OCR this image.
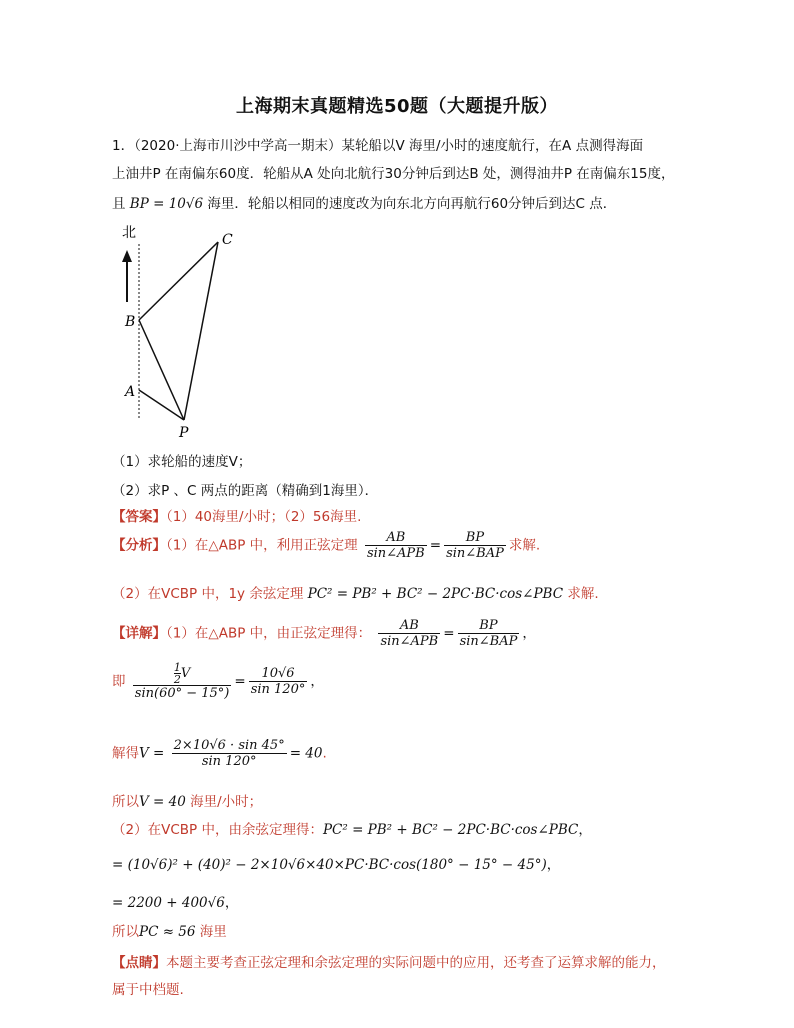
上海期末真题精选50题（大题提升版）
1．（2020·上海市川沙中学高一期末）某轮船以V 海里/小时的速度航行，在A 点测得海面
上油井P 在南偏东60度．轮船从A 处向北航行30分钟后到达B 处，测得油井P 在南偏东15度，
且 BP = 10√6 海里．轮船以相同的速度改为向东北方向再航行60分钟后到达C 点．
北	C
B
A
P
（1）求轮船的速度V；
（2）求P 、C 两点的距离（精确到1海里）．
【答案】（1）40海里/小时；（2）56海里.
【分析】（1）在△ABP 中，利用正弦定理 $\frac{AB}{\text{sin∠APB}} = \frac{BP}{\text{sin∠BAP}}$ 求解.
（2）在VCBP 中，1y 余弦定理 PC² = PB² + BC² − 2PC·BC·cos∠PBC 求解.
【详解】（1）在△ABP 中，由正弦定理得： $\frac{AB}{\text{sin∠APB}} = \frac{BP}{\text{sin∠BAP}}$ ，
即 $\frac{\frac{1}{2} V}{\sin(60^\circ - 15^\circ)} = \frac{10√6}{\sin 120^\circ}$ ，
解得$V = \frac{2\times 10√6 \cdot \sin 45^\circ}{\sin 120^\circ} = 40$.
所以V = 40 海里/小时；
（2）在VCBP 中，由余弦定理得：PC² = PB² + BC² − 2PC·BC·cos∠PBC，
= (10√6)² + (40)² − 2×10√6×40×PC·BC·cos(180° − 15° − 45°)，
= 2200 + 400√6，
所以PC ≈ 56 海里
【点睛】本题主要考查正弦定理和余弦定理的实际问题中的应用，还考查了运算求解的能力，
属于中档题.
